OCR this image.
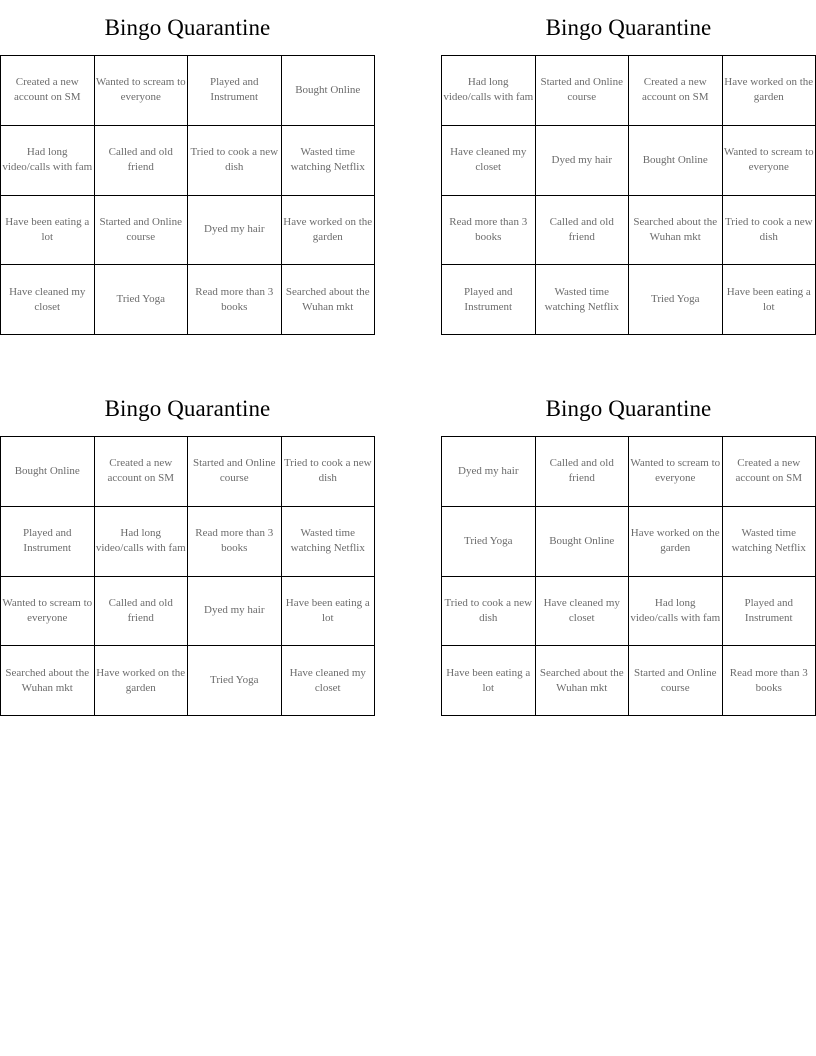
Bingo Quarantine
Created a new account on SM
Wanted to scream to everyone
Played and Instrument
Bought Online
Had long video/calls with fam
Called and old friend
Tried to cook a new dish
Wasted time watching Netflix
Have been eating a lot
Started and Online course
Dyed my hair
Have worked on the garden
Have cleaned my closet
Tried Yoga
Read more than 3 books
Searched about the Wuhan mkt
Bingo Quarantine
Had long video/calls with fam
Started and Online course
Created a new account on SM
Have worked on the garden
Have cleaned my closet
Dyed my hair	Bought Online
Wanted to scream to everyone
Read more than 3 books
Called and old friend
Searched about the Wuhan mkt
Tried to cook a new dish
Played and Instrument
Wasted time watching Netflix
Tried Yoga
Have been eating a lot
Bingo Quarantine
Bought Online
Created a new account on SM
Started and Online course
Tried to cook a new dish
Played and Instrument
Had long video/calls with fam
Read more than 3 books
Wasted time watching Netflix
Wanted to scream to everyone
Called and old friend
Dyed my hair
Have been eating a lot
Searched about the Wuhan mkt
Have worked on the garden
Tried Yoga
Have cleaned my closet
Bingo Quarantine
Dyed my hair
Called and old friend
Wanted to scream to everyone
Created a new account on SM
Tried Yoga	Bought Online
Have worked on the garden
Wasted time watching Netflix
Tried to cook a new dish
Have cleaned my closet
Had long video/calls with fam
Played and Instrument
Have been eating a lot
Searched about the Wuhan mkt
Started and Online course
Read more than 3 books
